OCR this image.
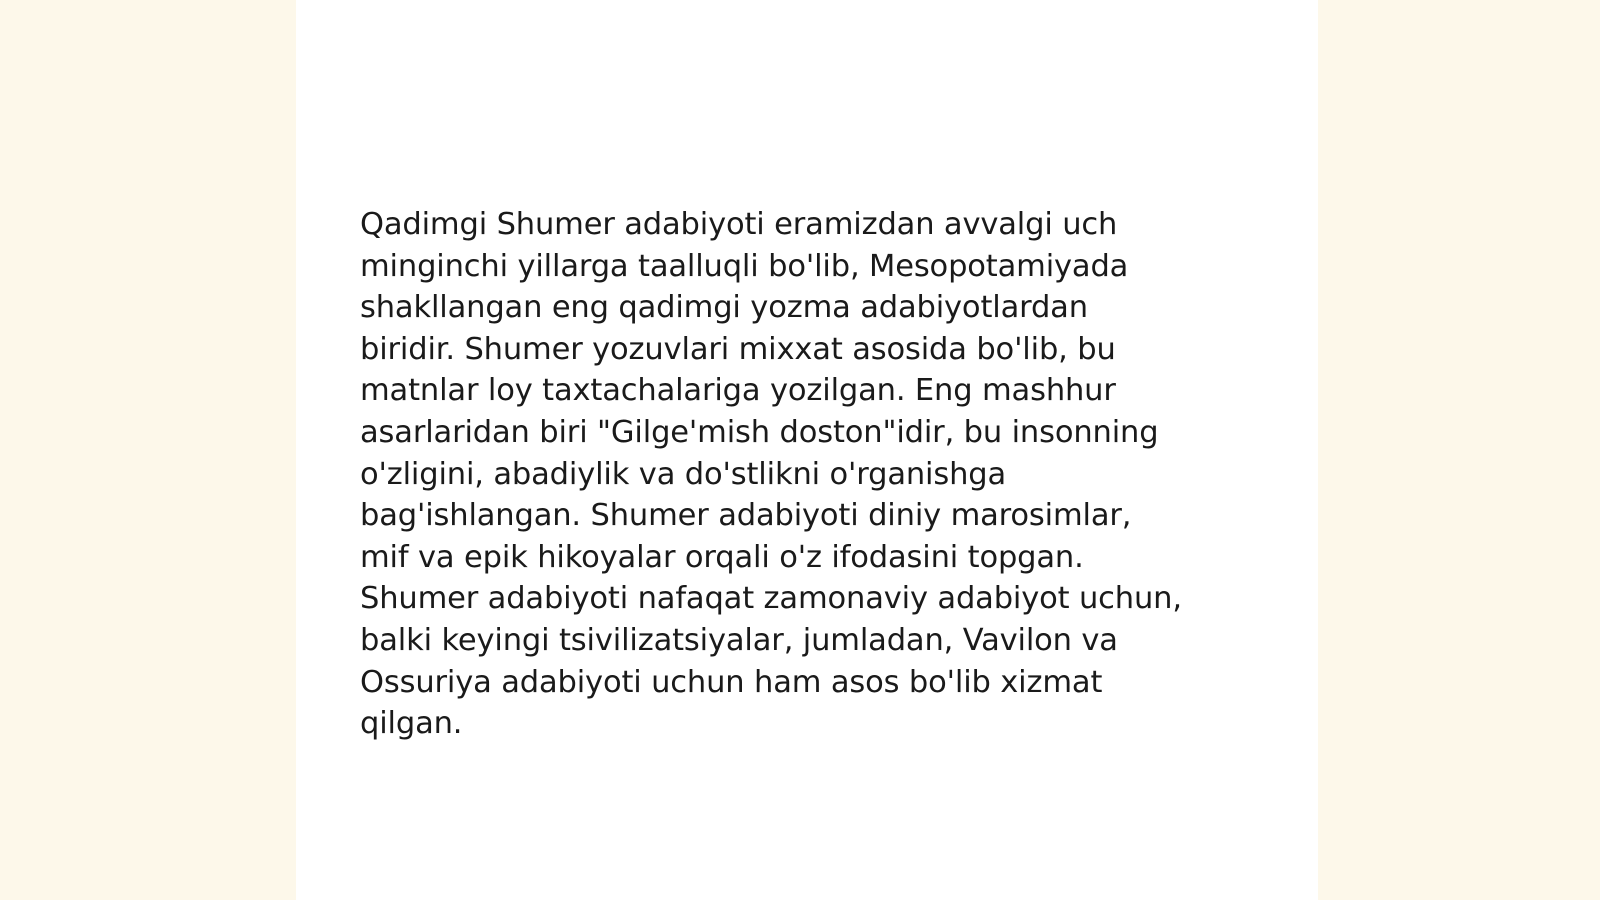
Qadimgi Shumer adabiyoti eramizdan avvalgi uch
minginchi yillarga taalluqli bo'lib, Mesopotamiyada
shakllangan eng qadimgi yozma adabiyotlardan
biridir. Shumer yozuvlari mixxat asosida bo'lib, bu
matnlar loy taxtachalariga yozilgan. Eng mashhur
asarlaridan biri "Gilge'mish doston"idir, bu insonning
o'zligini, abadiylik va do'stlikni o'rganishga
bag'ishlangan. Shumer adabiyoti diniy marosimlar,
mif va epik hikoyalar orqali o'z ifodasini topgan.
Shumer adabiyoti nafaqat zamonaviy adabiyot uchun,
balki keyingi tsivilizatsiyalar, jumladan, Vavilon va
Ossuriya adabiyoti uchun ham asos bo'lib xizmat
qilgan.
